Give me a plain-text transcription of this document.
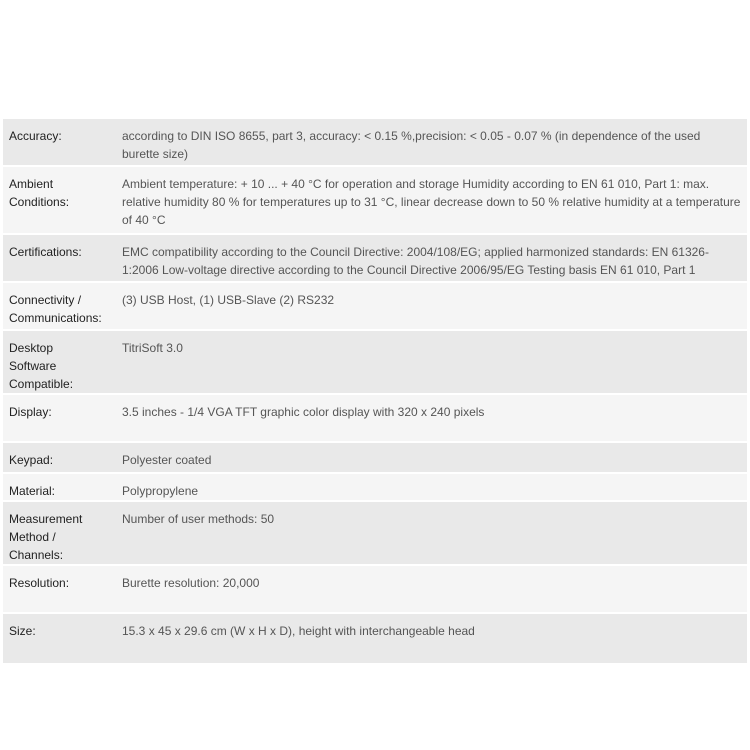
Accuracy:	according to DIN ISO 8655, part 3, accuracy: < 0.15 %,precision: < 0.05 - 0.07 % (in dependence of the used burette size)
Ambient Conditions:	Ambient temperature: + 10 ... + 40 °C for operation and storage Humidity according to EN 61 010, Part 1: max. relative humidity 80 % for temperatures up to 31 °C, linear decrease down to 50 % relative humidity at a temperature of 40 °C
Certifications:	EMC compatibility according to the Council Directive: 2004/108/EG; applied harmonized standards: EN 61326-1:2006 Low-voltage directive according to the Council Directive 2006/95/EG Testing basis EN 61 010, Part 1
Connectivity / Communications:	(3) USB Host, (1) USB-Slave (2) RS232
Desktop Software Compatible:	TitriSoft 3.0
Display:	3.5 inches - 1/4 VGA TFT graphic color display with 320 x 240 pixels
Keypad:	Polyester coated
Material:	Polypropylene
Measurement Method / Channels:	Number of user methods: 50
Resolution:	Burette resolution: 20,000
Size:	15.3 x 45 x 29.6 cm (W x H x D), height with interchangeable head
